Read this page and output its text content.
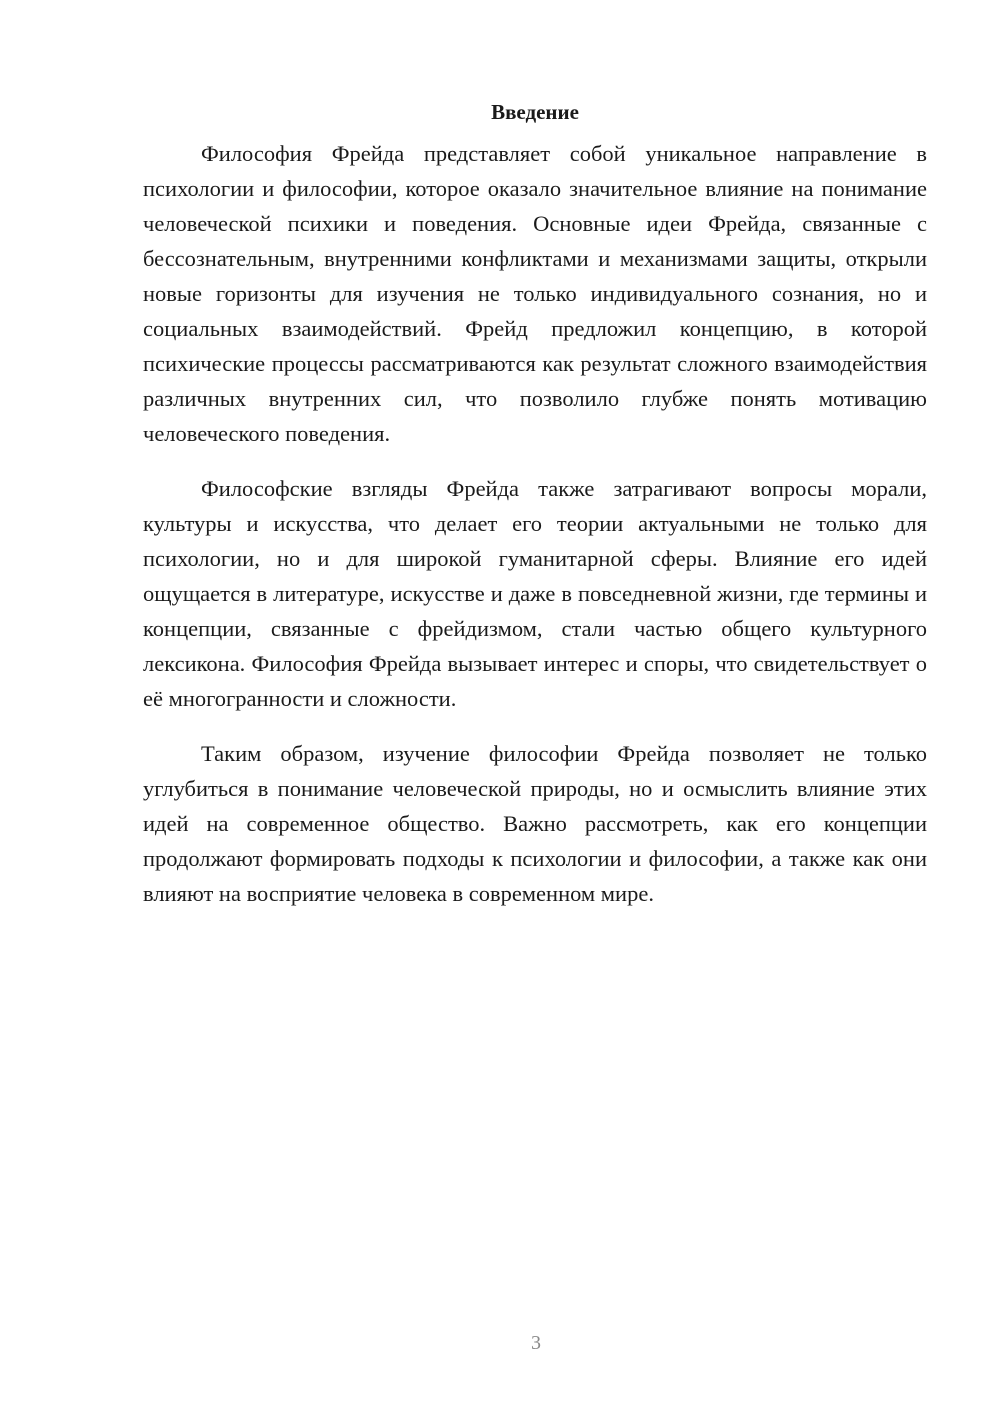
Введение

Философия Фрейда представляет собой уникальное направление в психологии и философии, которое оказало значительное влияние на понимание человеческой психики и поведения. Основные идеи Фрейда, связанные с бессознательным, внутренними конфликтами и механизмами защиты, открыли новые горизонты для изучения не только индивидуального сознания, но и социальных взаимодействий. Фрейд предложил концепцию, в которой психические процессы рассматриваются как результат сложного взаимодействия различных внутренних сил, что позволило глубже понять мотивацию человеческого поведения.

Философские взгляды Фрейда также затрагивают вопросы морали, культуры и искусства, что делает его теории актуальными не только для психологии, но и для широкой гуманитарной сферы. Влияние его идей ощущается в литературе, искусстве и даже в повседневной жизни, где термины и концепции, связанные с фрейдизмом, стали частью общего культурного лексикона. Философия Фрейда вызывает интерес и споры, что свидетельствует о её многогранности и сложности.

Таким образом, изучение философии Фрейда позволяет не только углубиться в понимание человеческой природы, но и осмыслить влияние этих идей на современное общество. Важно рассмотреть, как его концепции продолжают формировать подходы к психологии и философии, а также как они влияют на восприятие человека в современном мире.

3
